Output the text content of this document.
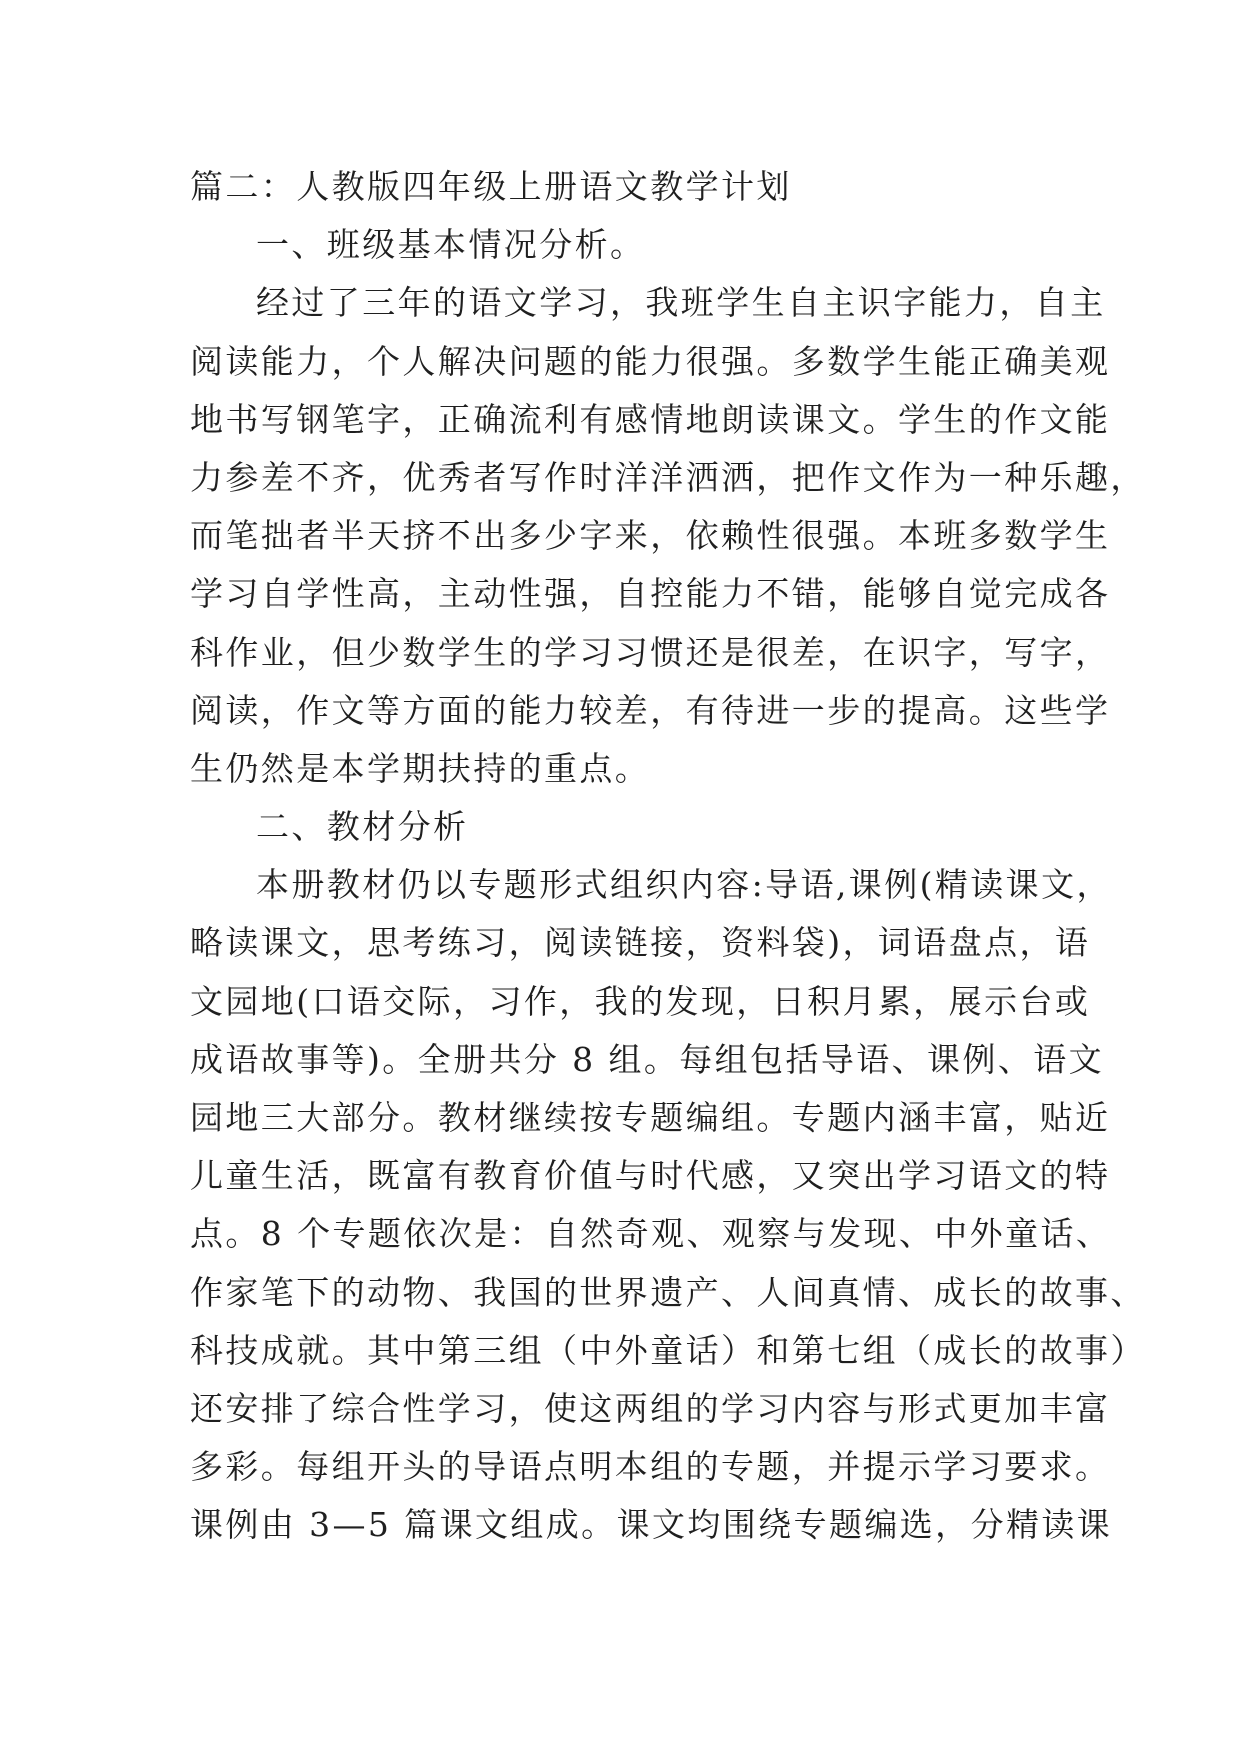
篇二：人教版四年级上册语文教学计划
一、班级基本情况分析。
经过了三年的语文学习，我班学生自主识字能力，自主
阅读能力，个人解决问题的能力很强。多数学生能正确美观
地书写钢笔字，正确流利有感情地朗读课文。学生的作文能
力参差不齐，优秀者写作时洋洋洒洒，把作文作为一种乐趣，
而笔拙者半天挤不出多少字来，依赖性很强。本班多数学生
学习自学性高，主动性强，自控能力不错，能够自觉完成各
科作业，但少数学生的学习习惯还是很差，在识字，写字，
阅读，作文等方面的能力较差，有待进一步的提高。这些学
生仍然是本学期扶持的重点。
二、教材分析
本册教材仍以专题形式组织内容:导语,课例(精读课文，
略读课文，思考练习，阅读链接，资料袋)，词语盘点，语
文园地(口语交际，习作，我的发现，日积月累，展示台或
成语故事等)。全册共分 8 组。每组包括导语、课例、语文
园地三大部分。教材继续按专题编组。专题内涵丰富，贴近
儿童生活，既富有教育价值与时代感，又突出学习语文的特
点。8 个专题依次是：自然奇观、观察与发现、中外童话、
作家笔下的动物、我国的世界遗产、人间真情、成长的故事、
科技成就。其中第三组（中外童话）和第七组（成长的故事）
还安排了综合性学习，使这两组的学习内容与形式更加丰富
多彩。每组开头的导语点明本组的专题，并提示学习要求。
课例由 3—5 篇课文组成。课文均围绕专题编选，分精读课
